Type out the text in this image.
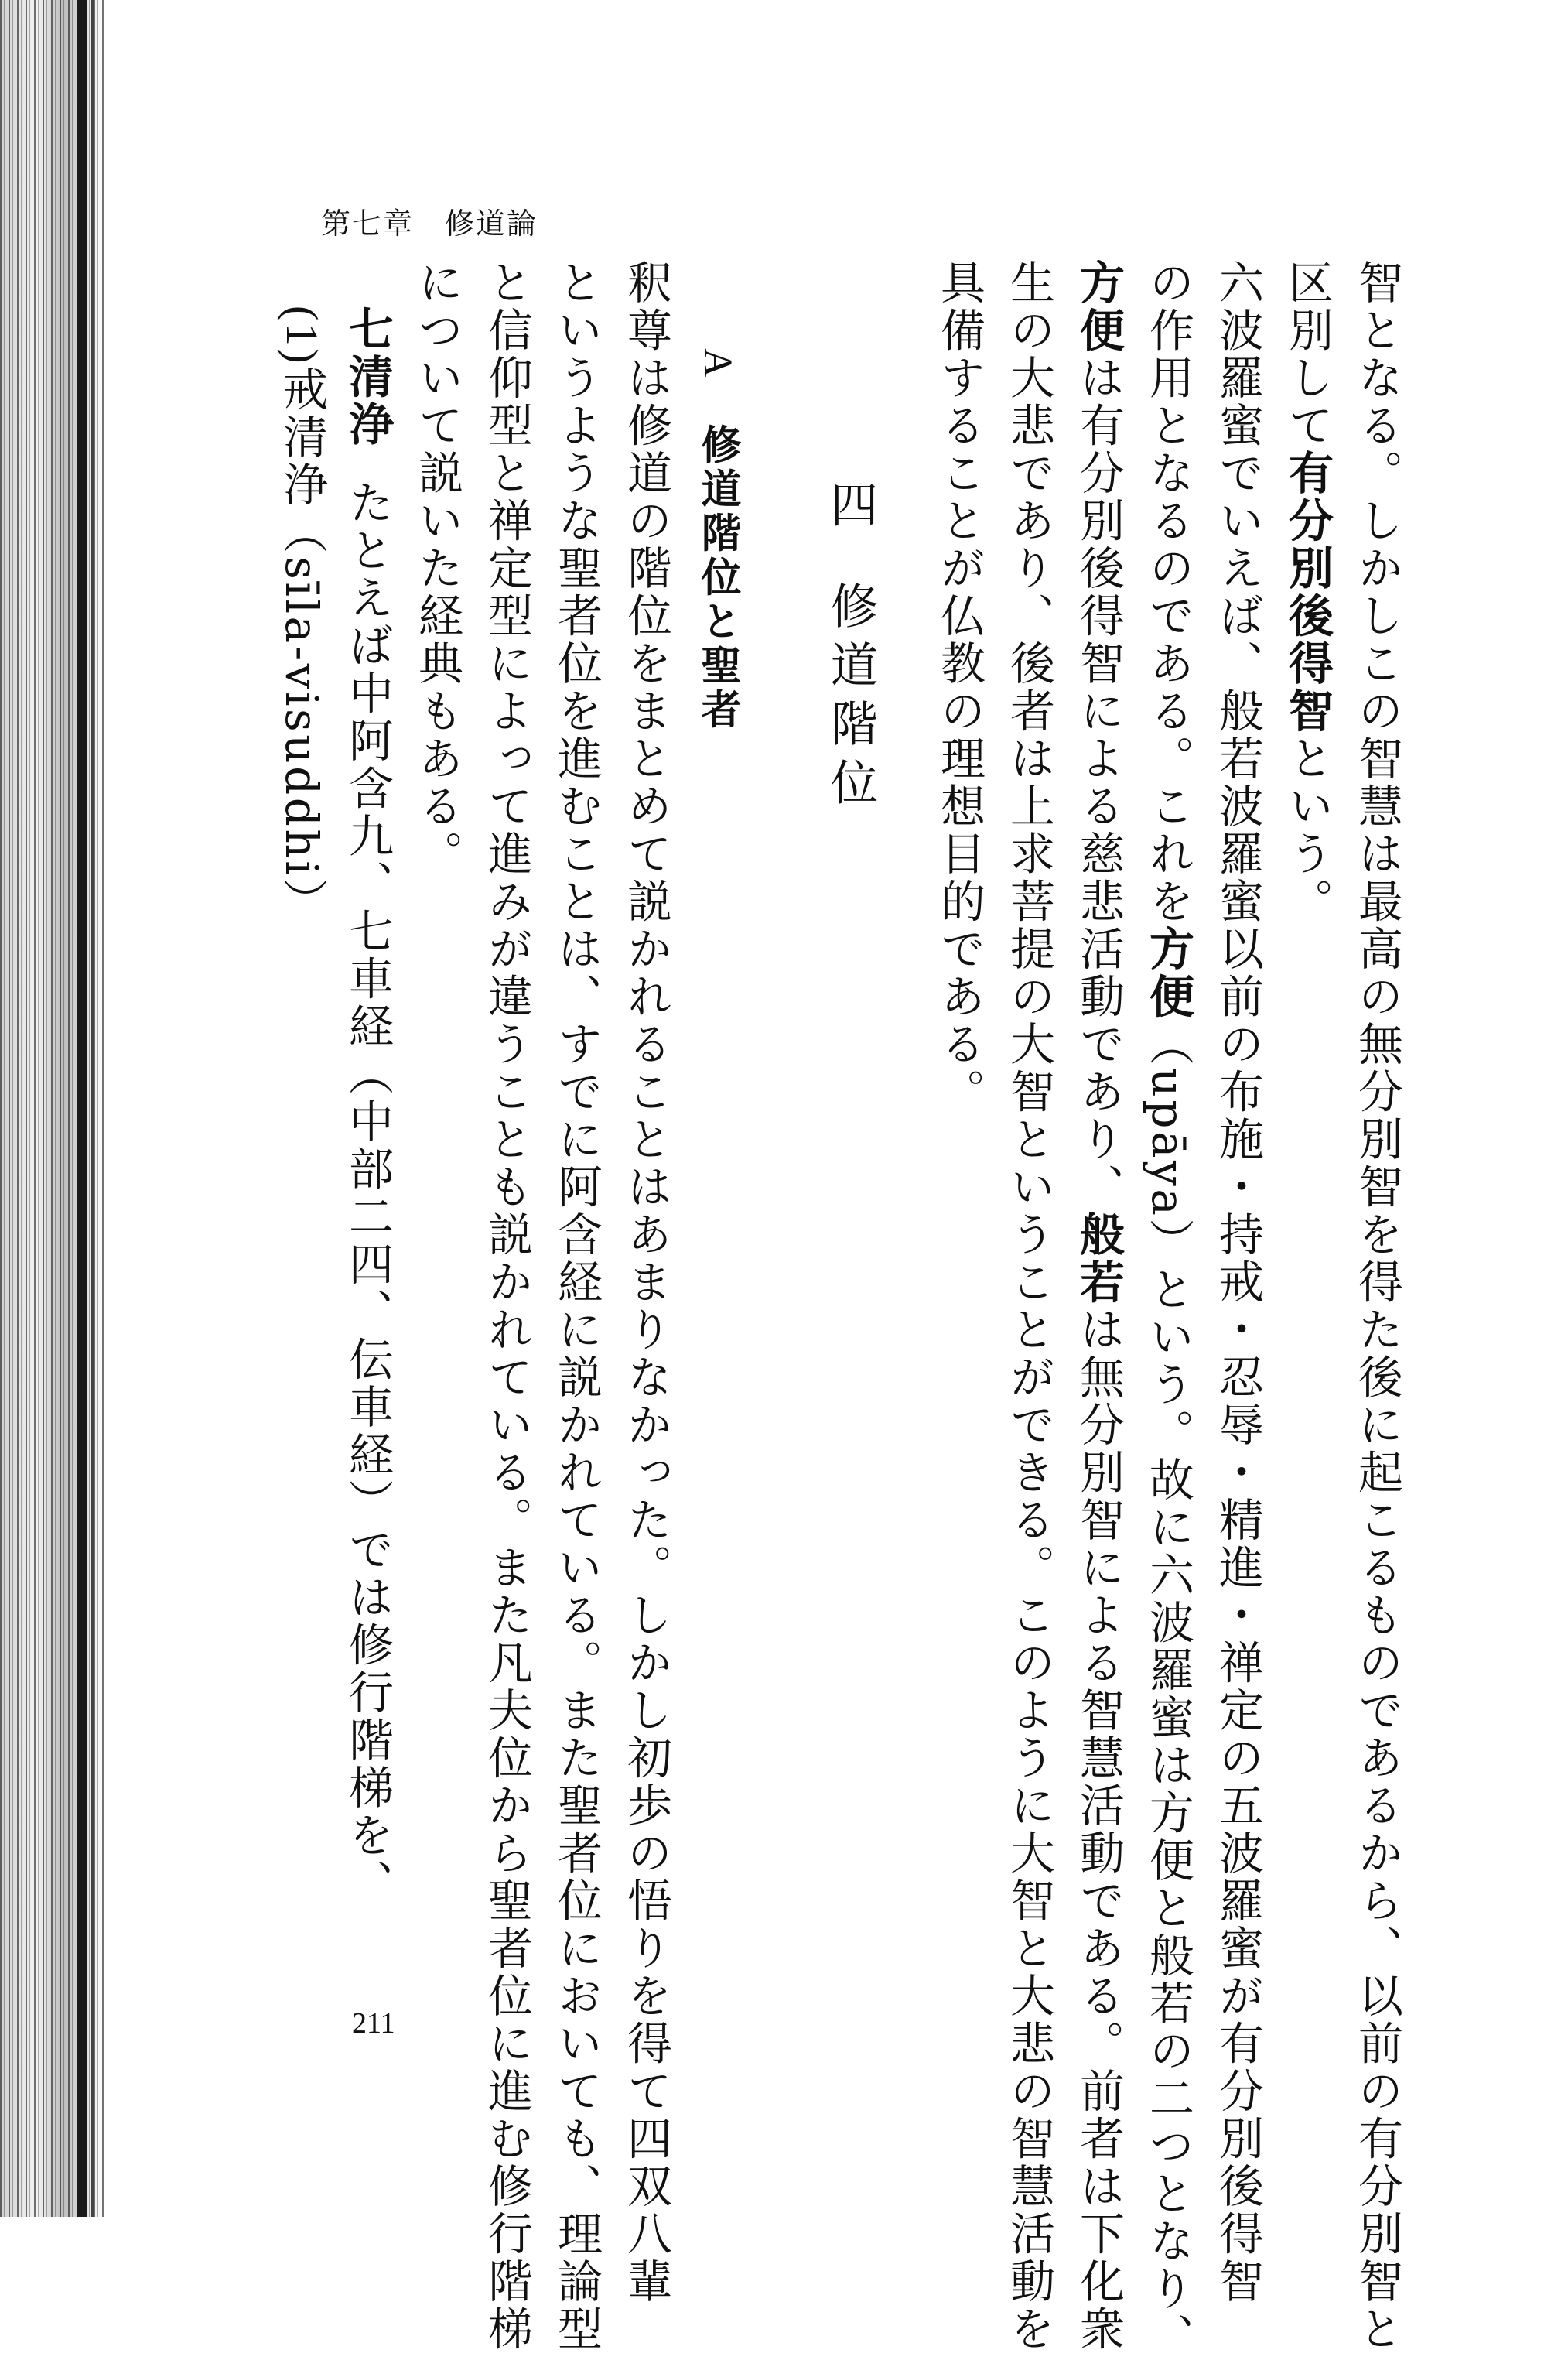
第七章 修道論
智となる。しかしこの智慧は最高の無分別智を得た後に起こるものであるから、以前の有分別智と
区別して有分別後得智という。
六波羅蜜でいえば、般若波羅蜜以前の布施・持戒・忍辱・精進・禅定の五波羅蜜が有分別後得智
の作用となるのである。これを方便（upāya）という。故に六波羅蜜は方便と般若の二つとなり、
方便は有分別後得智による慈悲活動であり、般若は無分別智による智慧活動である。前者は下化衆
生の大悲であり、後者は上求菩提の大智ということができる。このように大智と大悲の智慧活動を
具備することが仏教の理想目的である。
四修道階位
A修道階位と聖者
釈尊は修道の階位をまとめて説かれることはあまりなかった。しかし初歩の悟りを得て四双八輩
というような聖者位を進むことは、すでに阿含経に説かれている。また聖者位においても、理論型
と信仰型と禅定型によって進みが違うことも説かれている。また凡夫位から聖者位に進む修行階梯
について説いた経典もある。
七清浄たとえば中阿含九、七車経（中部二四、伝車経）では修行階梯を、
(1)戒清浄（sīla-visuddhi）
211
